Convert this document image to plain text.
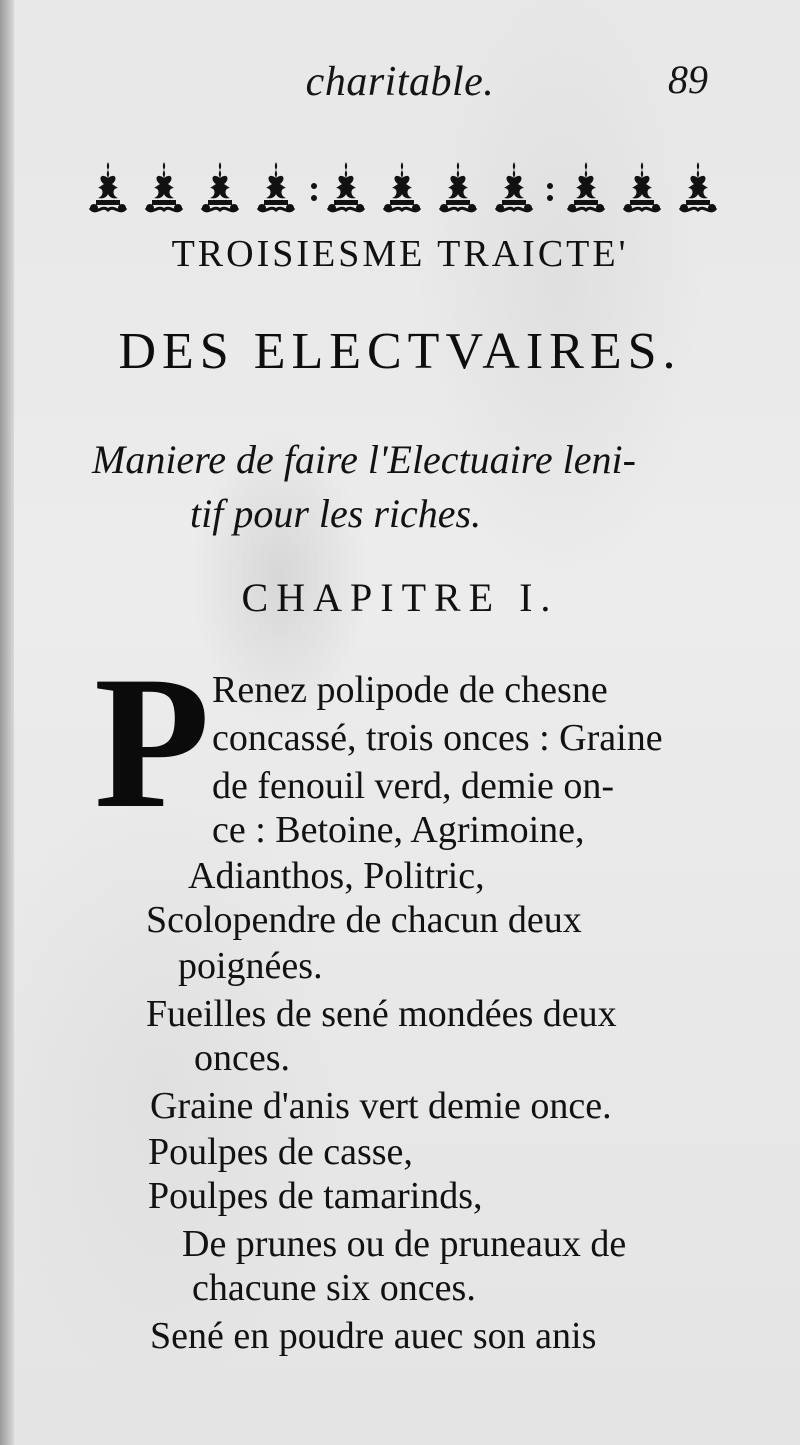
charitable.	89
TROISIESME TRAICTE'
DES ELECTVAIRES.
Maniere de faire l'Electuaire leni-
tif pour les riches.
CHAPITRE I.
P Renez polipode de chesne
concassé, trois onces : Graine
de fenouil verd, demie on-
ce : Betoine, Agrimoine,
Adianthos, Politric,
Scolopendre de chacun deux
poignées.
Fueilles de sené mondées deux
onces.
Graine d'anis vert demie once.
Poulpes de casse,
Poulpes de tamarinds,
De prunes ou de pruneaux de
chacune six onces.
Sené en poudre auec son anis
